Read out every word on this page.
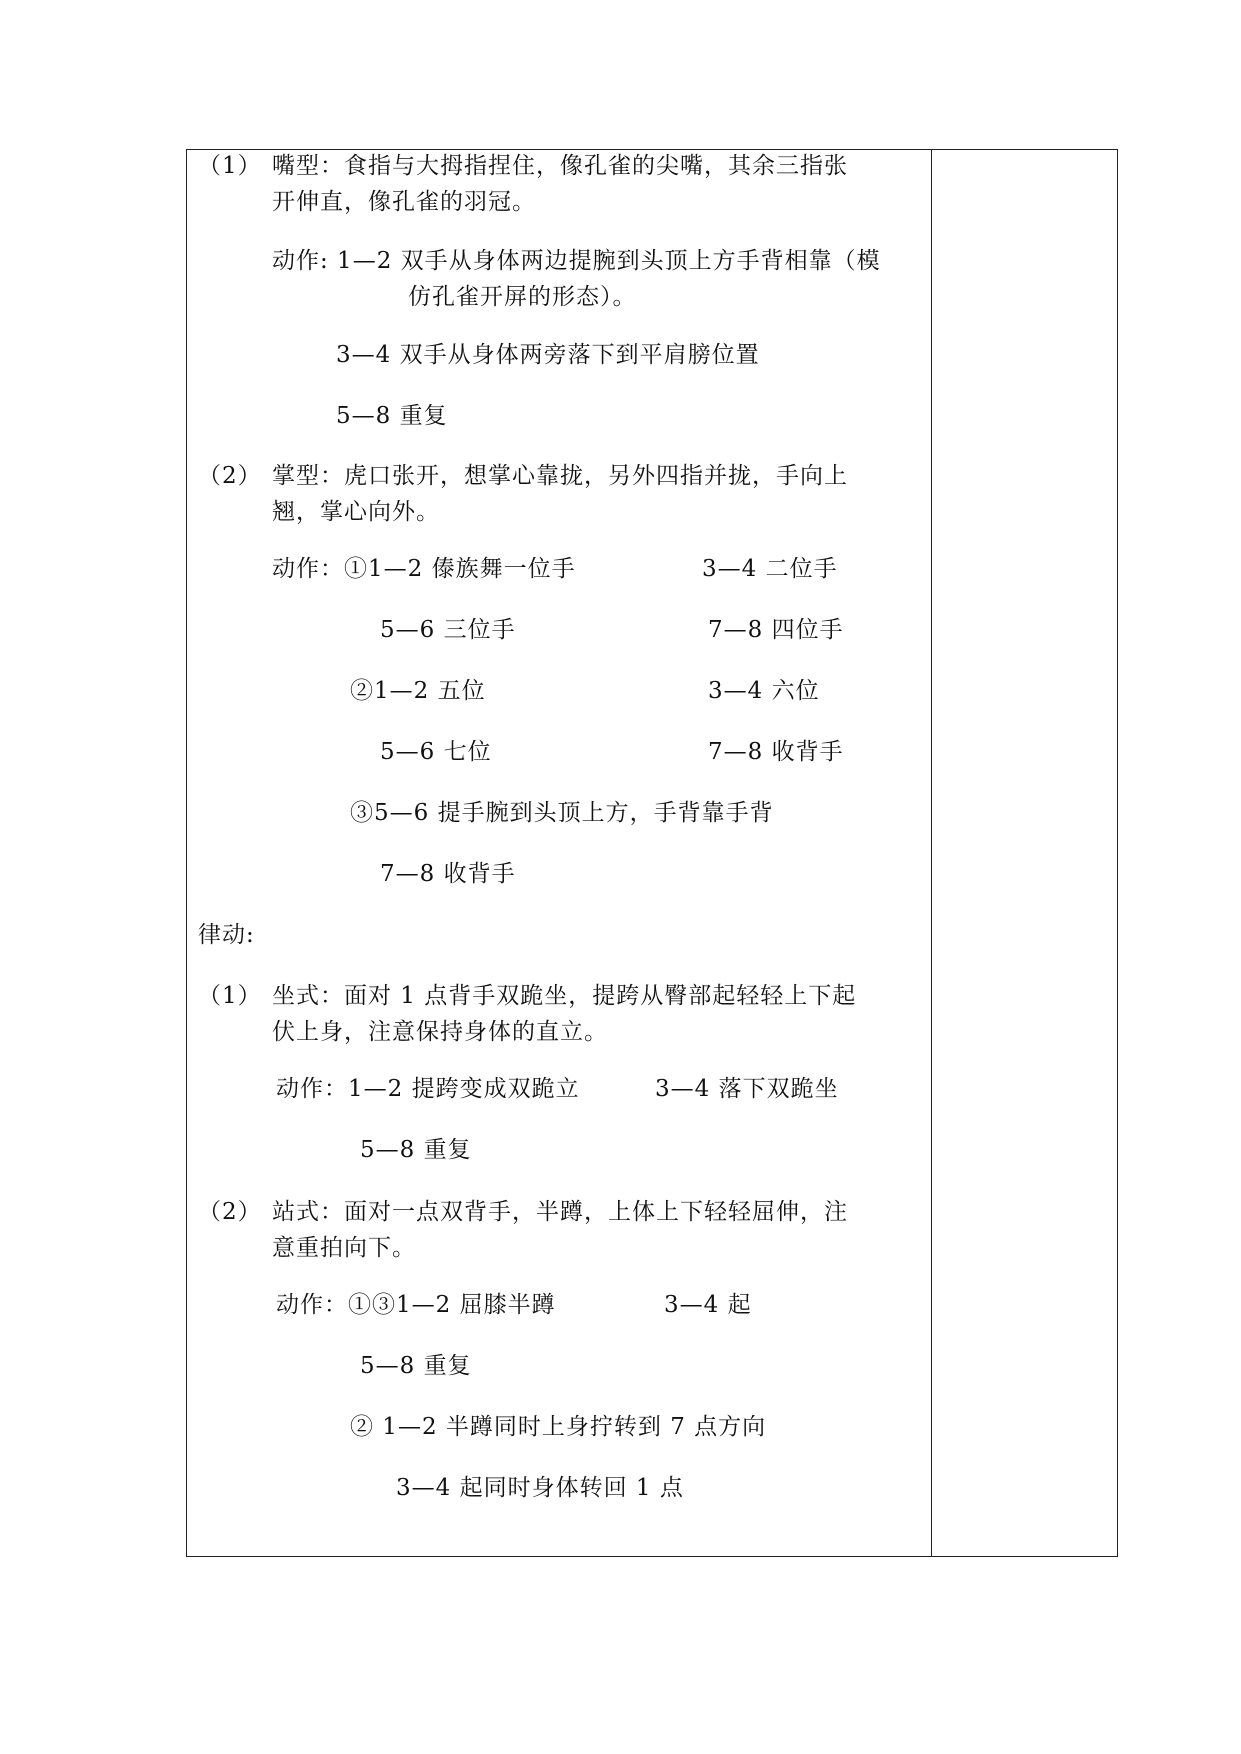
（1） 嘴型：食指与大拇指捏住，像孔雀的尖嘴，其余三指张
开伸直，像孔雀的羽冠。
动作: 1—2 双手从身体两边提腕到头顶上方手背相靠（模
仿孔雀开屏的形态）。
3—4 双手从身体两旁落下到平肩膀位置
5—8 重复
（2） 掌型：虎口张开，想掌心靠拢，另外四指并拢，手向上
翘，掌心向外。
动作：①1—2 傣族舞一位手	3—4 二位手
5—6 三位手	7—8 四位手
②1—2 五位	3—4 六位
5—6 七位	7—8 收背手
③5—6 提手腕到头顶上方，手背靠手背
7—8 收背手
律动:
（1） 坐式：面对 1 点背手双跪坐，提跨从臀部起轻轻上下起
伏上身，注意保持身体的直立。
动作：1—2 提跨变成双跪立	3—4 落下双跪坐
5—8 重复
（2） 站式：面对一点双背手，半蹲，上体上下轻轻屈伸，注
意重拍向下。
动作：①③1—2 屈膝半蹲	3—4 起
5—8 重复
② 1—2 半蹲同时上身拧转到 7 点方向
3—4 起同时身体转回 1 点
